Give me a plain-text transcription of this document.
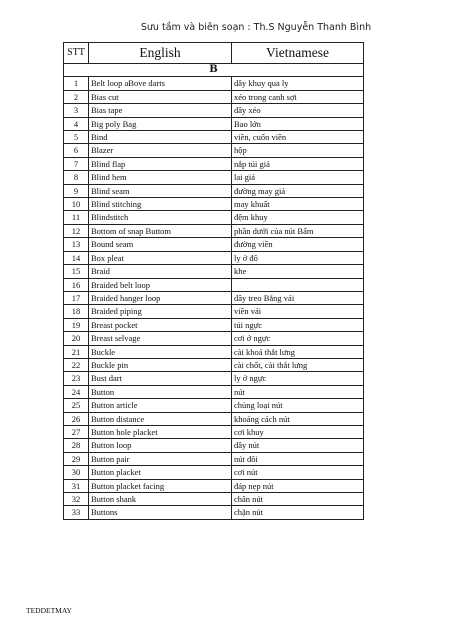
Sưu tầm và biên soạn : Th.S Nguyễn Thanh Bình
STT	English	Vietnamese
B		
1	Belt loop aBove darts	dây khuy qua ly
2	Bias cut	xéo trong canh sợi
3	Bias tape	dây xéo
4	Big poly Bag	Bao lớn
5	Bind	viền, cuốn viền
6	Blazer	hộp
7	Blind flap	nắp túi giả
8	Blind hem	lai giả
9	Blind seam	đường may giả
10	Blind stitching	may khuất
11	Blindstitch	đệm khuy
12	Bottom of snap Buttom	phần dưới của nút Bấm
13	Bound seam	đường viền
14	Box pleat	ly ở đô
15	Braid	khe
16	Braided belt loop	
17	Braided hanger loop	dây treo Bằng vải
18	Braided piping	viền vải
19	Breast pocket	túi ngực
20	Breast selvage	cơi ở ngực
21	Buckle	cài khoá thắt lưng
22	Buckle pin	cài chốt, cài thắt lưng
23	Bust dart	ly ở ngực
24	Button	nút
25	Button article	chủng loại nút
26	Button distance	khoảng cách nút
27	Button hole placket	cơi khuy
28	Button loop	dây nút
29	Button pair	nút đôi
30	Button placket	cơi nút
31	Button placket facing	đáp nẹp nút
32	Button shank	chân nút
33	Buttons	chặn nút
TEDDETMAY
